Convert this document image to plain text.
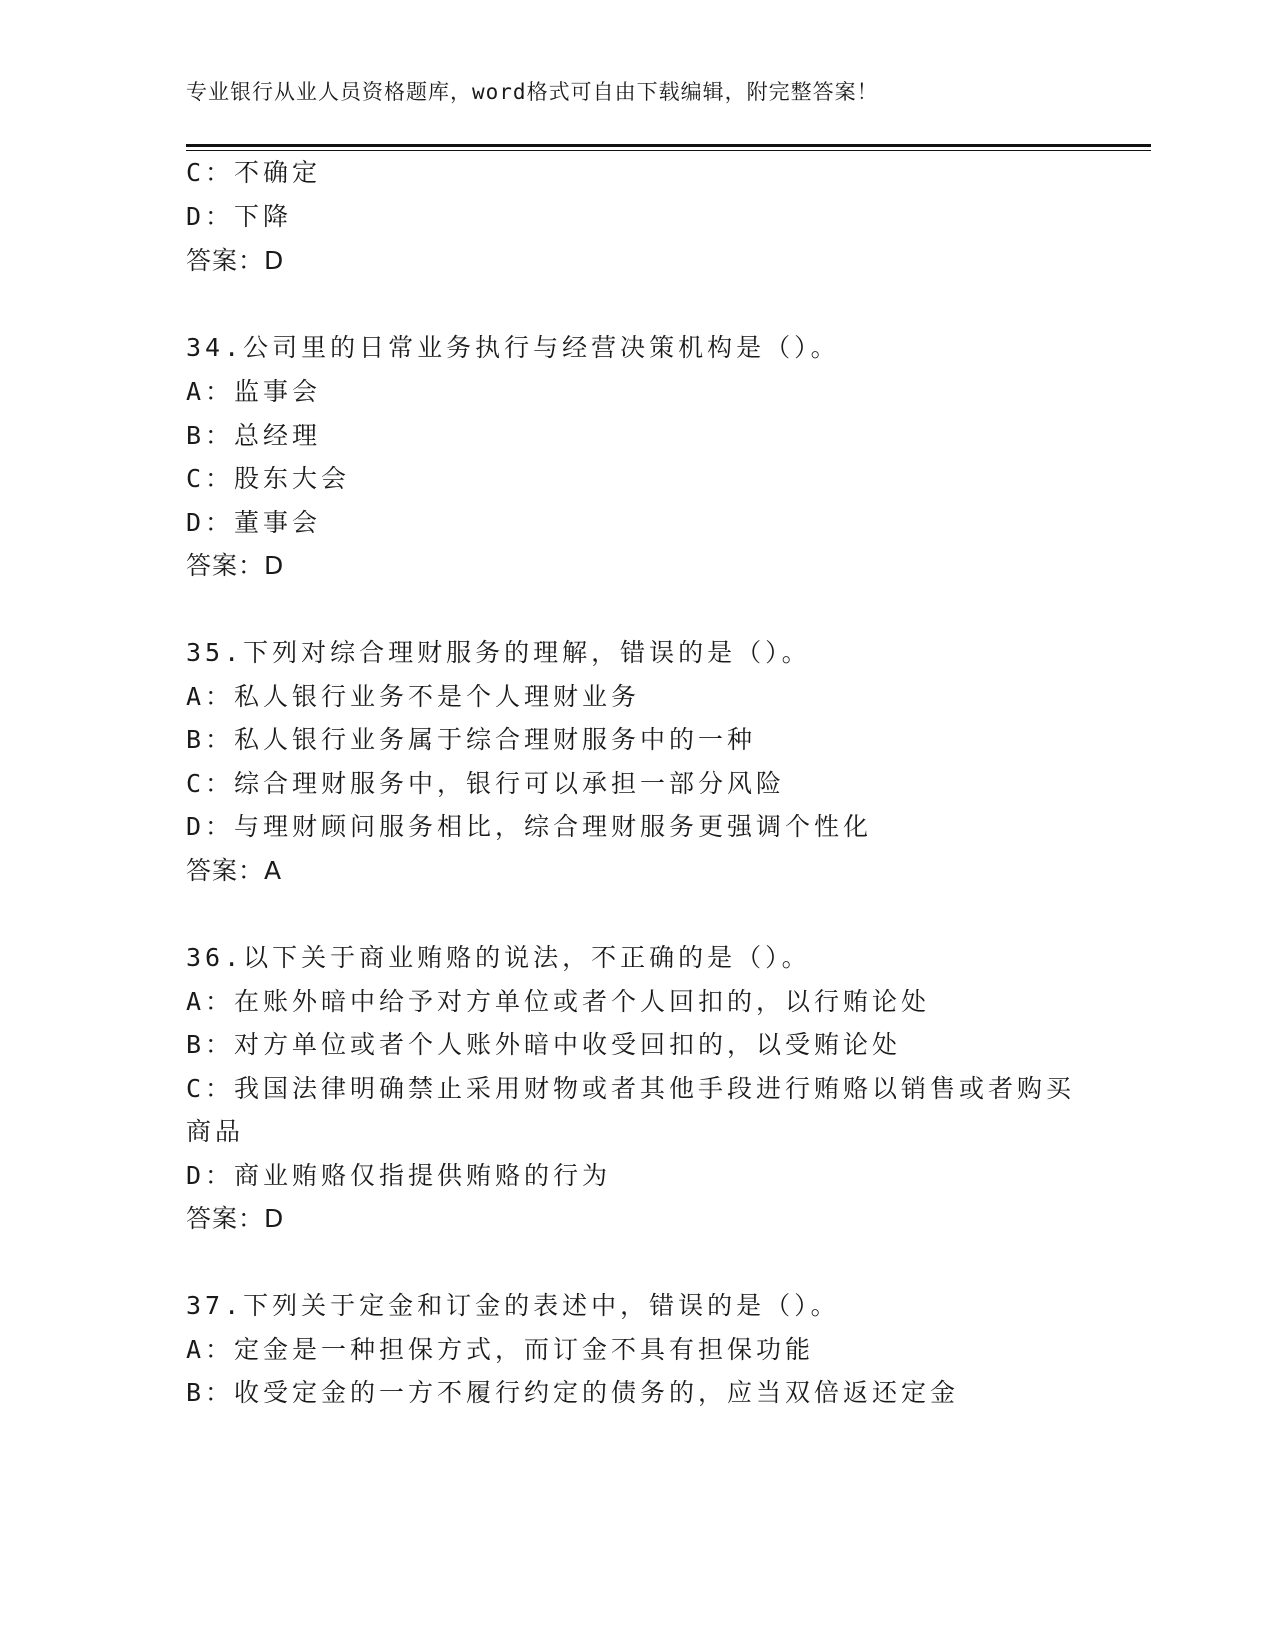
专业银行从业人员资格题库，word格式可自由下载编辑，附完整答案！
C：不确定
D：下降
答案：D
34.公司里的日常业务执行与经营决策机构是（）。
A：监事会
B：总经理
C：股东大会
D：董事会
答案：D
35.下列对综合理财服务的理解，错误的是（）。
A：私人银行业务不是个人理财业务
B：私人银行业务属于综合理财服务中的一种
C：综合理财服务中，银行可以承担一部分风险
D：与理财顾问服务相比，综合理财服务更强调个性化
答案：A
36.以下关于商业贿赂的说法，不正确的是（）。
A：在账外暗中给予对方单位或者个人回扣的，以行贿论处
B：对方单位或者个人账外暗中收受回扣的，以受贿论处
C：我国法律明确禁止采用财物或者其他手段进行贿赂以销售或者购买
商品
D：商业贿赂仅指提供贿赂的行为
答案：D
37.下列关于定金和订金的表述中，错误的是（）。
A：定金是一种担保方式，而订金不具有担保功能
B：收受定金的一方不履行约定的债务的，应当双倍返还定金
